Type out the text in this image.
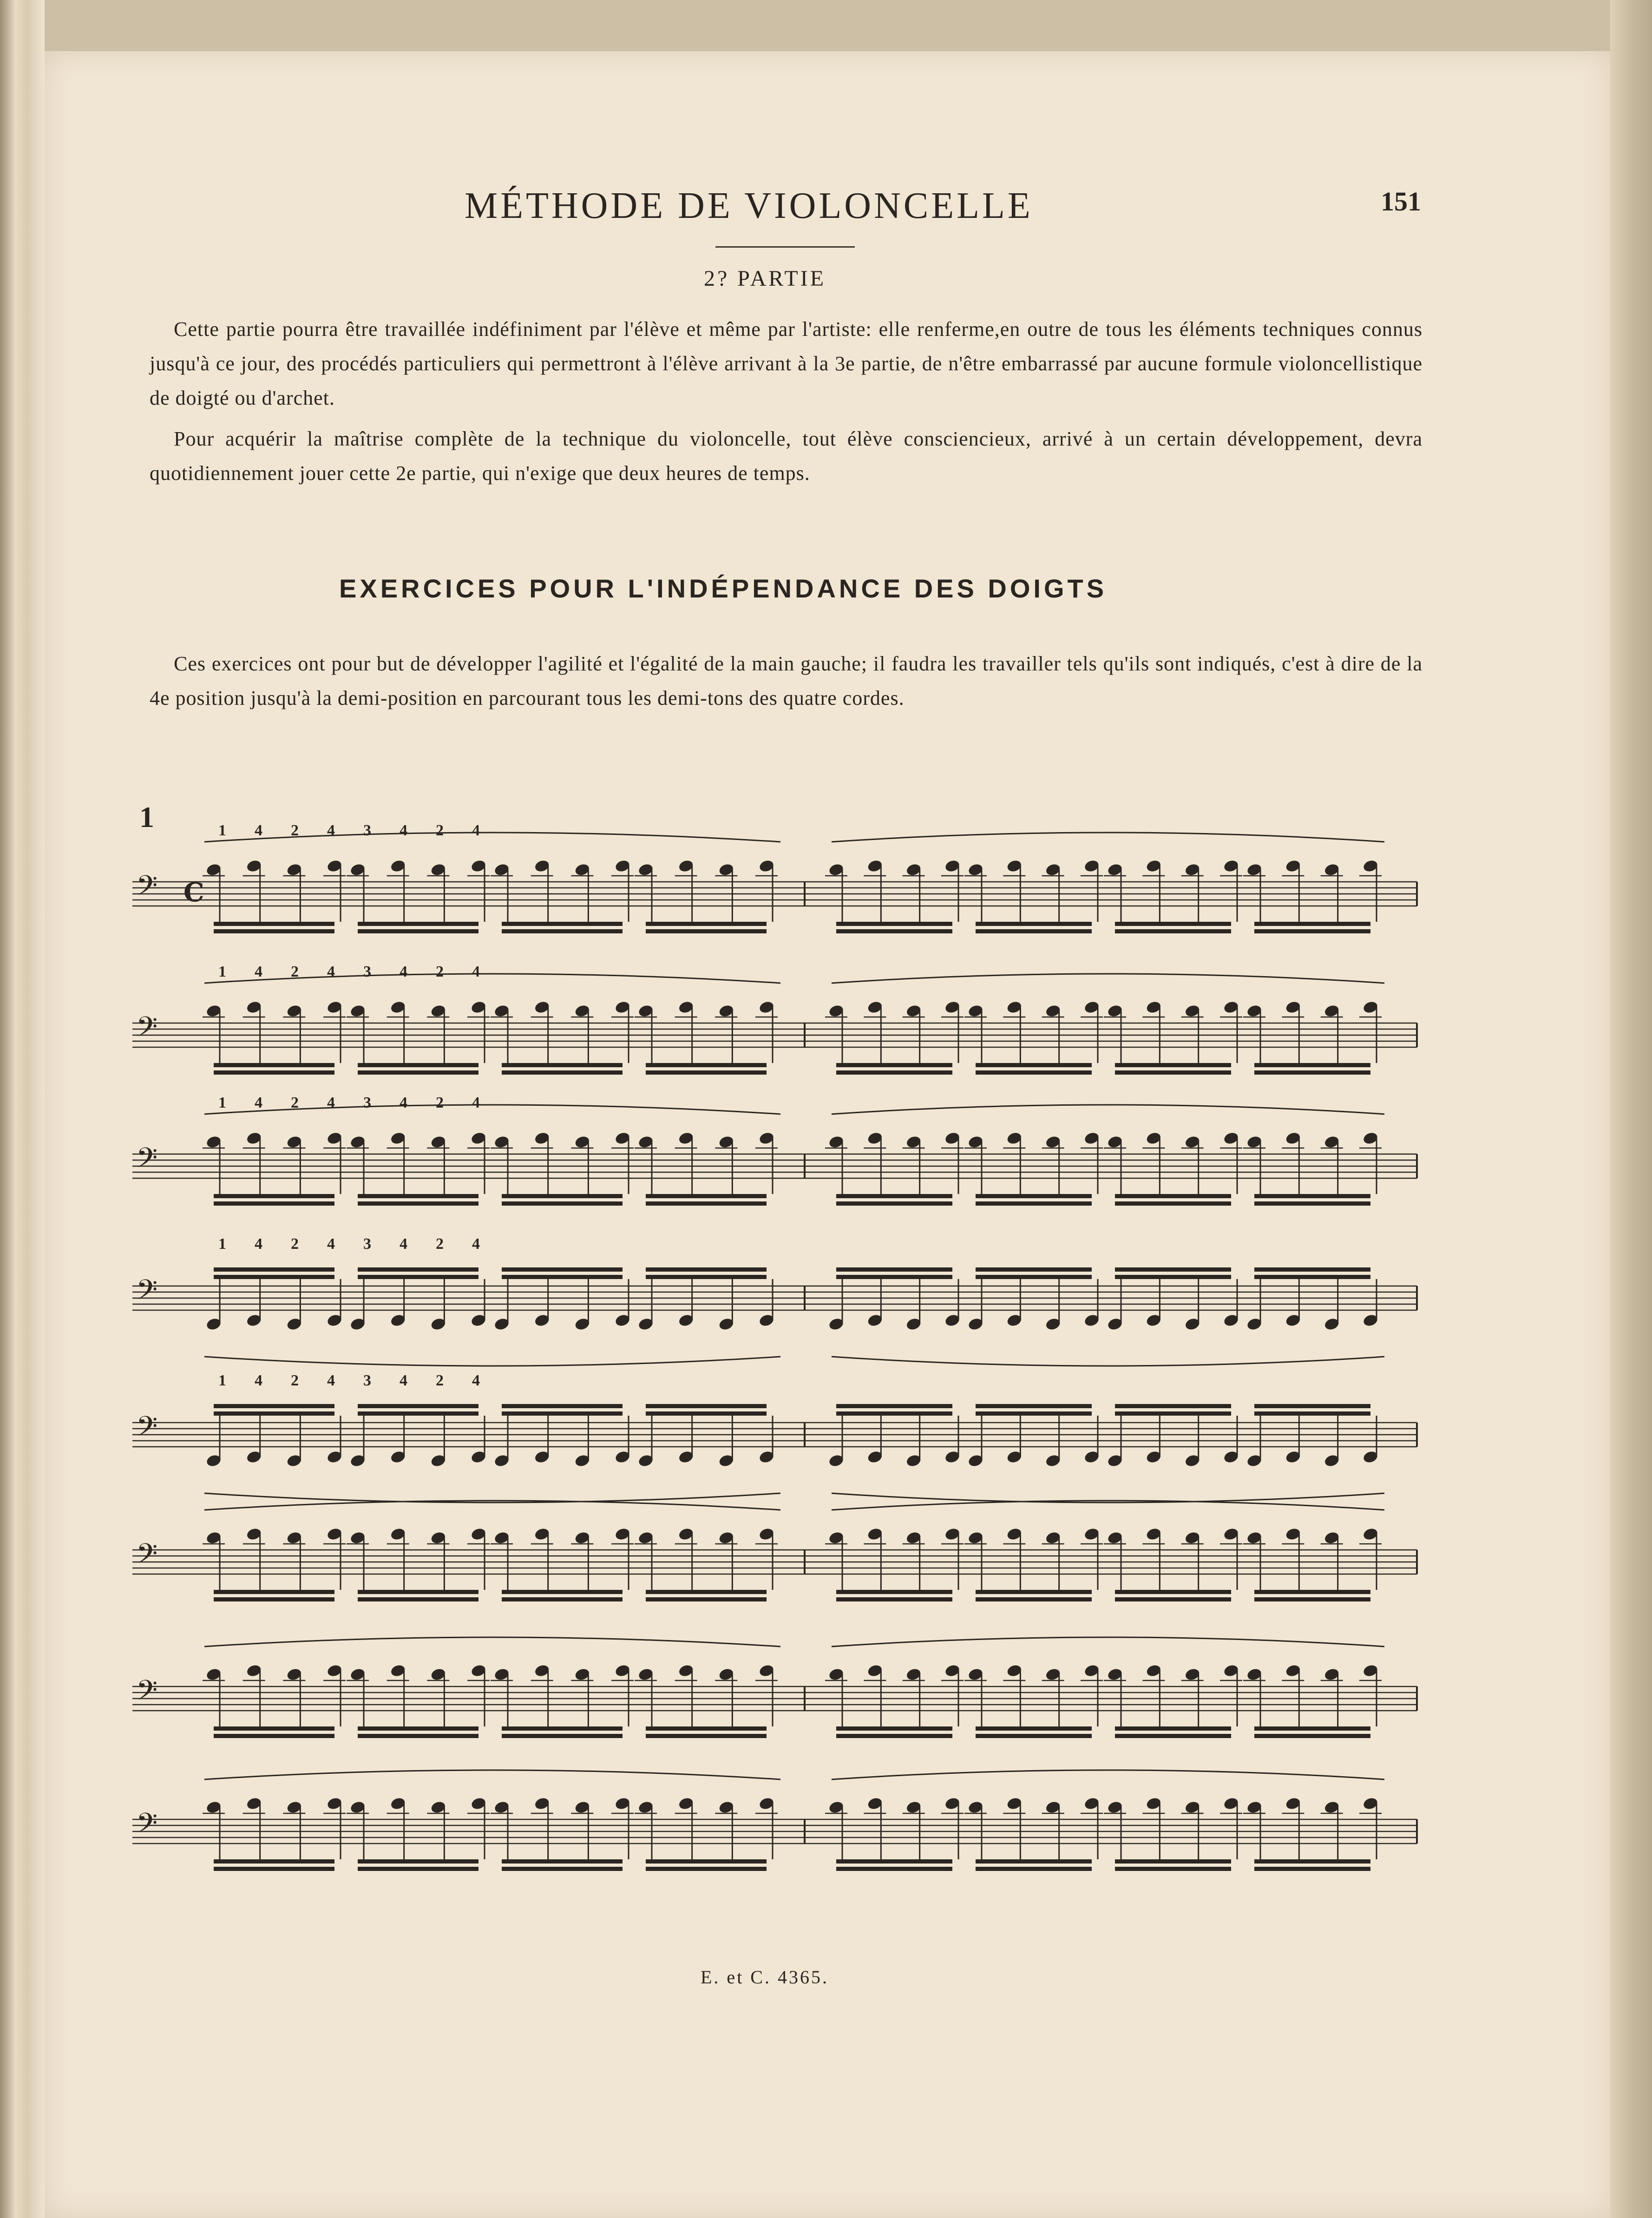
MÉTHODE DE VIOLONCELLE	151
2? PARTIE
Cette partie pourra être travaillée indéfiniment par l'élève et même par l'artiste: elle renferme,en outre de tous les éléments techniques connus jusqu'à ce jour, des procédés particuliers qui permettront à l'élève arrivant à la 3e partie, de n'être embarrassé par aucune formule violoncellistique de doigté ou d'archet.
Pour acquérir la maîtrise complète de la technique du violoncelle, tout élève consciencieux, arrivé à un certain développement, devra quotidiennement jouer cette 2e partie, qui n'exige que deux heures de temps.
EXERCICES POUR L'INDÉPENDANCE DES DOIGTS
Ces exercices ont pour but de développer l'agilité et l'égalité de la main gauche; il faudra les travailler tels qu'ils sont indiqués, c'est à dire de la 4e position jusqu'à la demi-position en parcourant tous les demi-tons des quatre cordes.
1
𝄢
𝄢
𝄢
𝄢
𝄢
𝄢
𝄢
𝄢
C
1 4 2 4 3 4 2 4
1 4 2 4 3 4 2 4
1 4 2 4 3 4 2 4
1 4 2 4 3 4 2 4
1 4 2 4 3 4 2 4
E. et C. 4365.
